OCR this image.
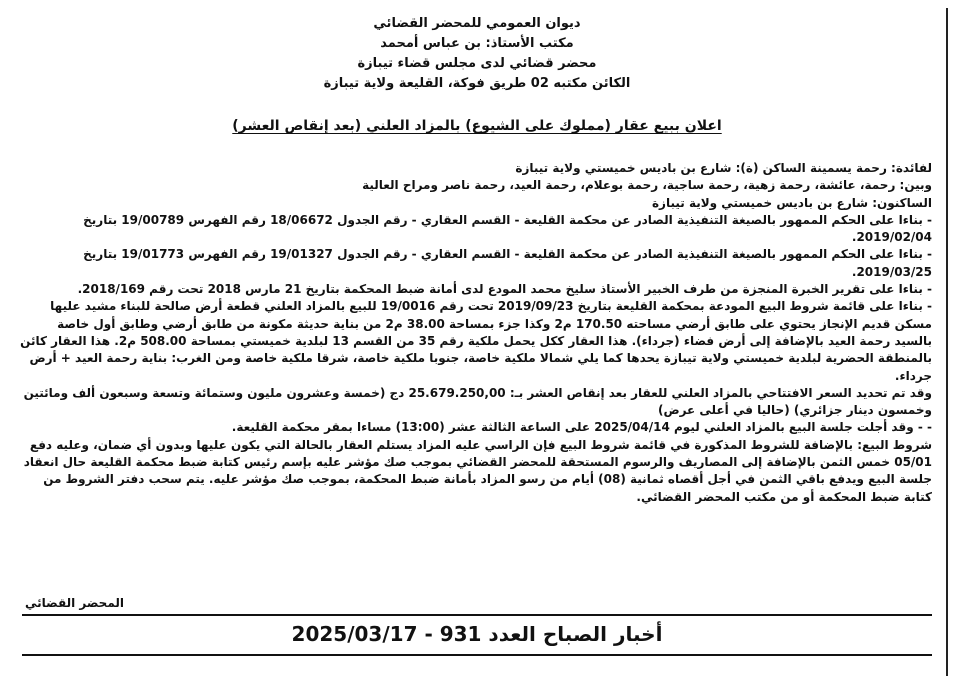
ديوان العمومي للمحضر القضائي
مكتب الأستاذ: بن عباس أمحمد
محضر قضائي لدى مجلس قضاء تيبازة
الكائن مكتبه 02 طريق فوكة، القليعة ولاية تيبازة
اعلان ببيع عقار (مملوك على الشيوع) بالمزاد العلني (بعد إنقاص العشر)

لفائدة: رحمة يسمينة الساكن (ة): شارع بن باديس خميستي ولاية تيبازة

وبين: رحمة، عائشة، رحمة زهية، رحمة ساجية، رحمة بوعلام، رحمة العيد، رحمة ناصر ومراح العالية

الساكنون: شارع بن باديس خميستي ولاية تيبازة

- بناءا على الحكم الممهور بالصيغة التنفيذية الصادر عن محكمة القليعة - القسم العقاري - رقم الجدول 18/06672 رقم الفهرس 19/00789 بتاريخ 2019/02/04.

- بناءا على الحكم الممهور بالصيغة التنفيذية الصادر عن محكمة القليعة - القسم العقاري - رقم الجدول 19/01327 رقم الفهرس 19/01773 بتاريخ 2019/03/25.

- بناءا على تقرير الخبرة المنجزة من طرف الخبير الأستاذ سليخ محمد المودع لدى أمانة ضبط المحكمة بتاريخ 21 مارس 2018 تحت رقم 2018/169.

- بناءا على قائمة شروط البيع المودعة بمحكمة القليعة بتاريخ 2019/09/23 تحت رقم 19/0016 للبيع بالمزاد العلني قطعة أرض صالحة للبناء مشيد عليها مسكن قديم الإنجاز يحتوي على طابق أرضي مساحته 170.50 م2 وكذا جزء بمساحة 38.00 م2 من بناية حديثة مكونة من طابق أرضي وطابق أول خاصة بالسيد رحمة العيد بالإضافة إلى أرض فضاء (جرداء). هذا العقار ككل يحمل ملكية رقم 35 من القسم 13 لبلدية خميستي بمساحة 508.00 م2. هذا العقار كائن بالمنطقة الحضرية لبلدية خميستي ولاية تيبازة يحدها كما يلي شمالا ملكية خاصة، جنوبا ملكية خاصة، شرقا ملكية خاصة ومن الغرب: بناية رحمة العيد + أرض جرداء.

وقد تم تحديد السعر الافتتاحي بالمزاد العلني للعقار بعد إنقاص العشر بـ: 25.679.250,00 دج (خمسة وعشرون مليون وستمائة وتسعة وسبعون ألف ومائتين وخمسون دينار جزائري) (حاليا في أعلى عرض)

- - وقد أجلت جلسة البيع بالمزاد العلني ليوم 2025/04/14 على الساعة الثالثة عشر (13:00) مساءا بمقر محكمة القليعة.

شروط البيع: بالإضافة للشروط المذكورة في قائمة شروط البيع فإن الراسي عليه المزاد يستلم العقار بالحالة التي يكون عليها وبدون أي ضمان، وعليه دفع 05/01 خمس الثمن بالإضافة إلى المصاريف والرسوم المستحقة للمحضر القضائي بموجب صك مؤشر عليه بإسم رئيس كتابة ضبط محكمة القليعة حال انعقاد جلسة البيع ويدفع باقي الثمن في أجل أقصاه ثمانية (08) أيام من رسو المزاد بأمانة ضبط المحكمة، بموجب صك مؤشر عليه. يتم سحب دفتر الشروط من كتابة ضبط المحكمة أو من مكتب المحضر القضائي.

المحضر القضائي
أخبار الصباح العدد 931 - 2025/03/17
